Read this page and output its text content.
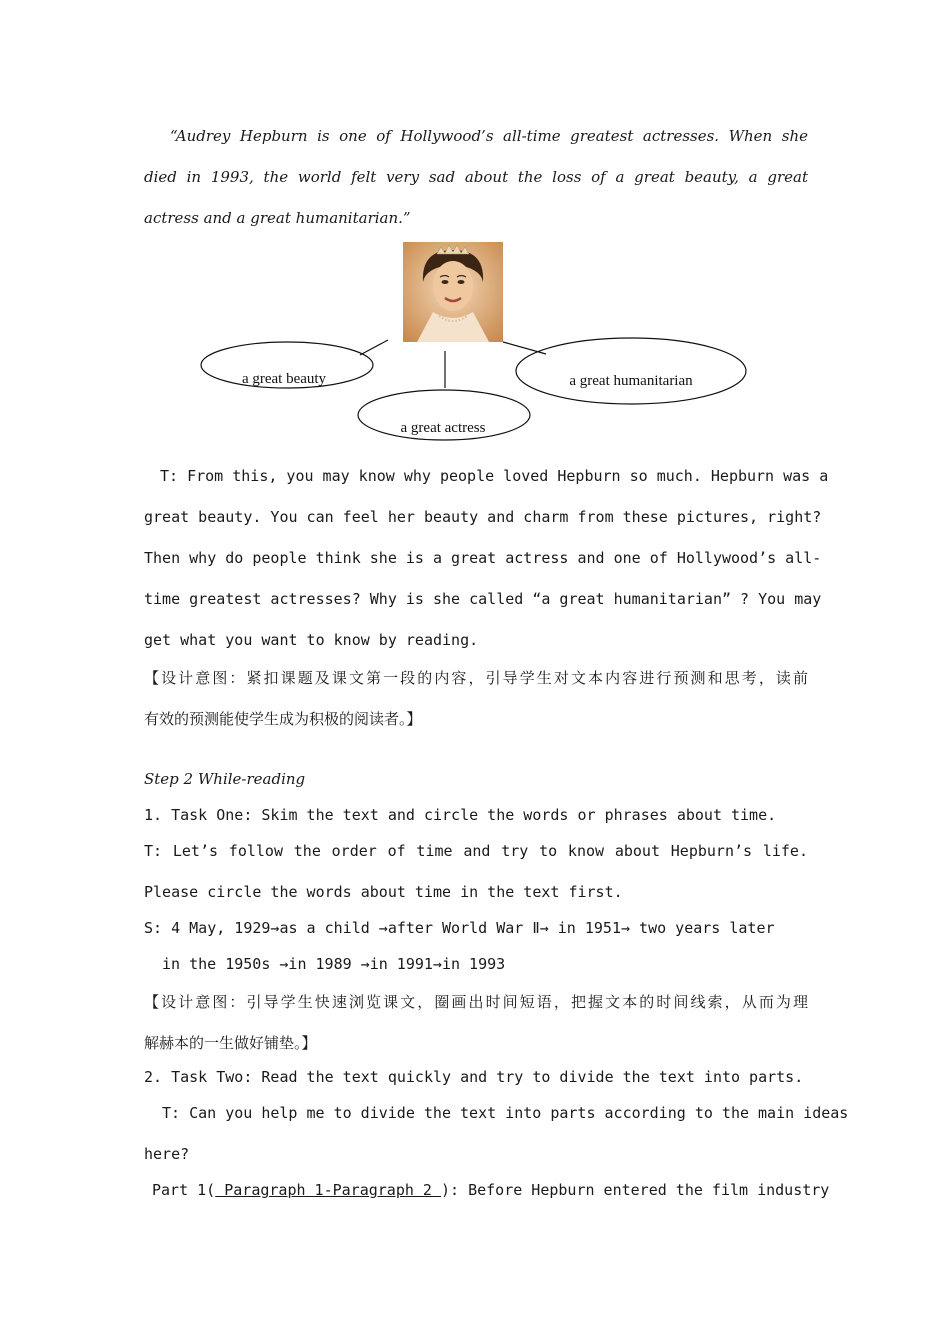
“Audrey Hepburn is one of Hollywood’s all-time greatest actresses. When she
died in 1993, the world felt very sad about the loss of a great beauty, a great
actress and a great humanitarian.”
a great beauty	a great humanitarian
a great actress
T: From this, you may know why people loved Hepburn so much. Hepburn was a
great beauty. You can feel her beauty and charm from these pictures, right?
Then why do people think she is a great actress and one of Hollywood’s all-
time greatest actresses? Why is she called “a great humanitarian” ? You may
get what you want to know by reading.
【设计意图：紧扣课题及课文第一段的内容，引导学生对文本内容进行预测和思考，读前
有效的预测能使学生成为积极的阅读者。】
Step 2 While-reading
1. Task One: Skim the text and circle the words or phrases about time.
T: Let’s follow the order of time and try to know about Hepburn’s life.
Please circle the words about time in the text first.
S: 4 May, 1929→as a child →after World War Ⅱ→ in 1951→ two years later
in the 1950s →in 1989 →in 1991→in 1993
【设计意图：引导学生快速浏览课文，圈画出时间短语，把握文本的时间线索，从而为理
解赫本的一生做好铺垫。】
2. Task Two: Read the text quickly and try to divide the text into parts.
T: Can you help me to divide the text into parts according to the main ideas
here?
Part 1( Paragraph 1-Paragraph 2 ): Before Hepburn entered the film industry
